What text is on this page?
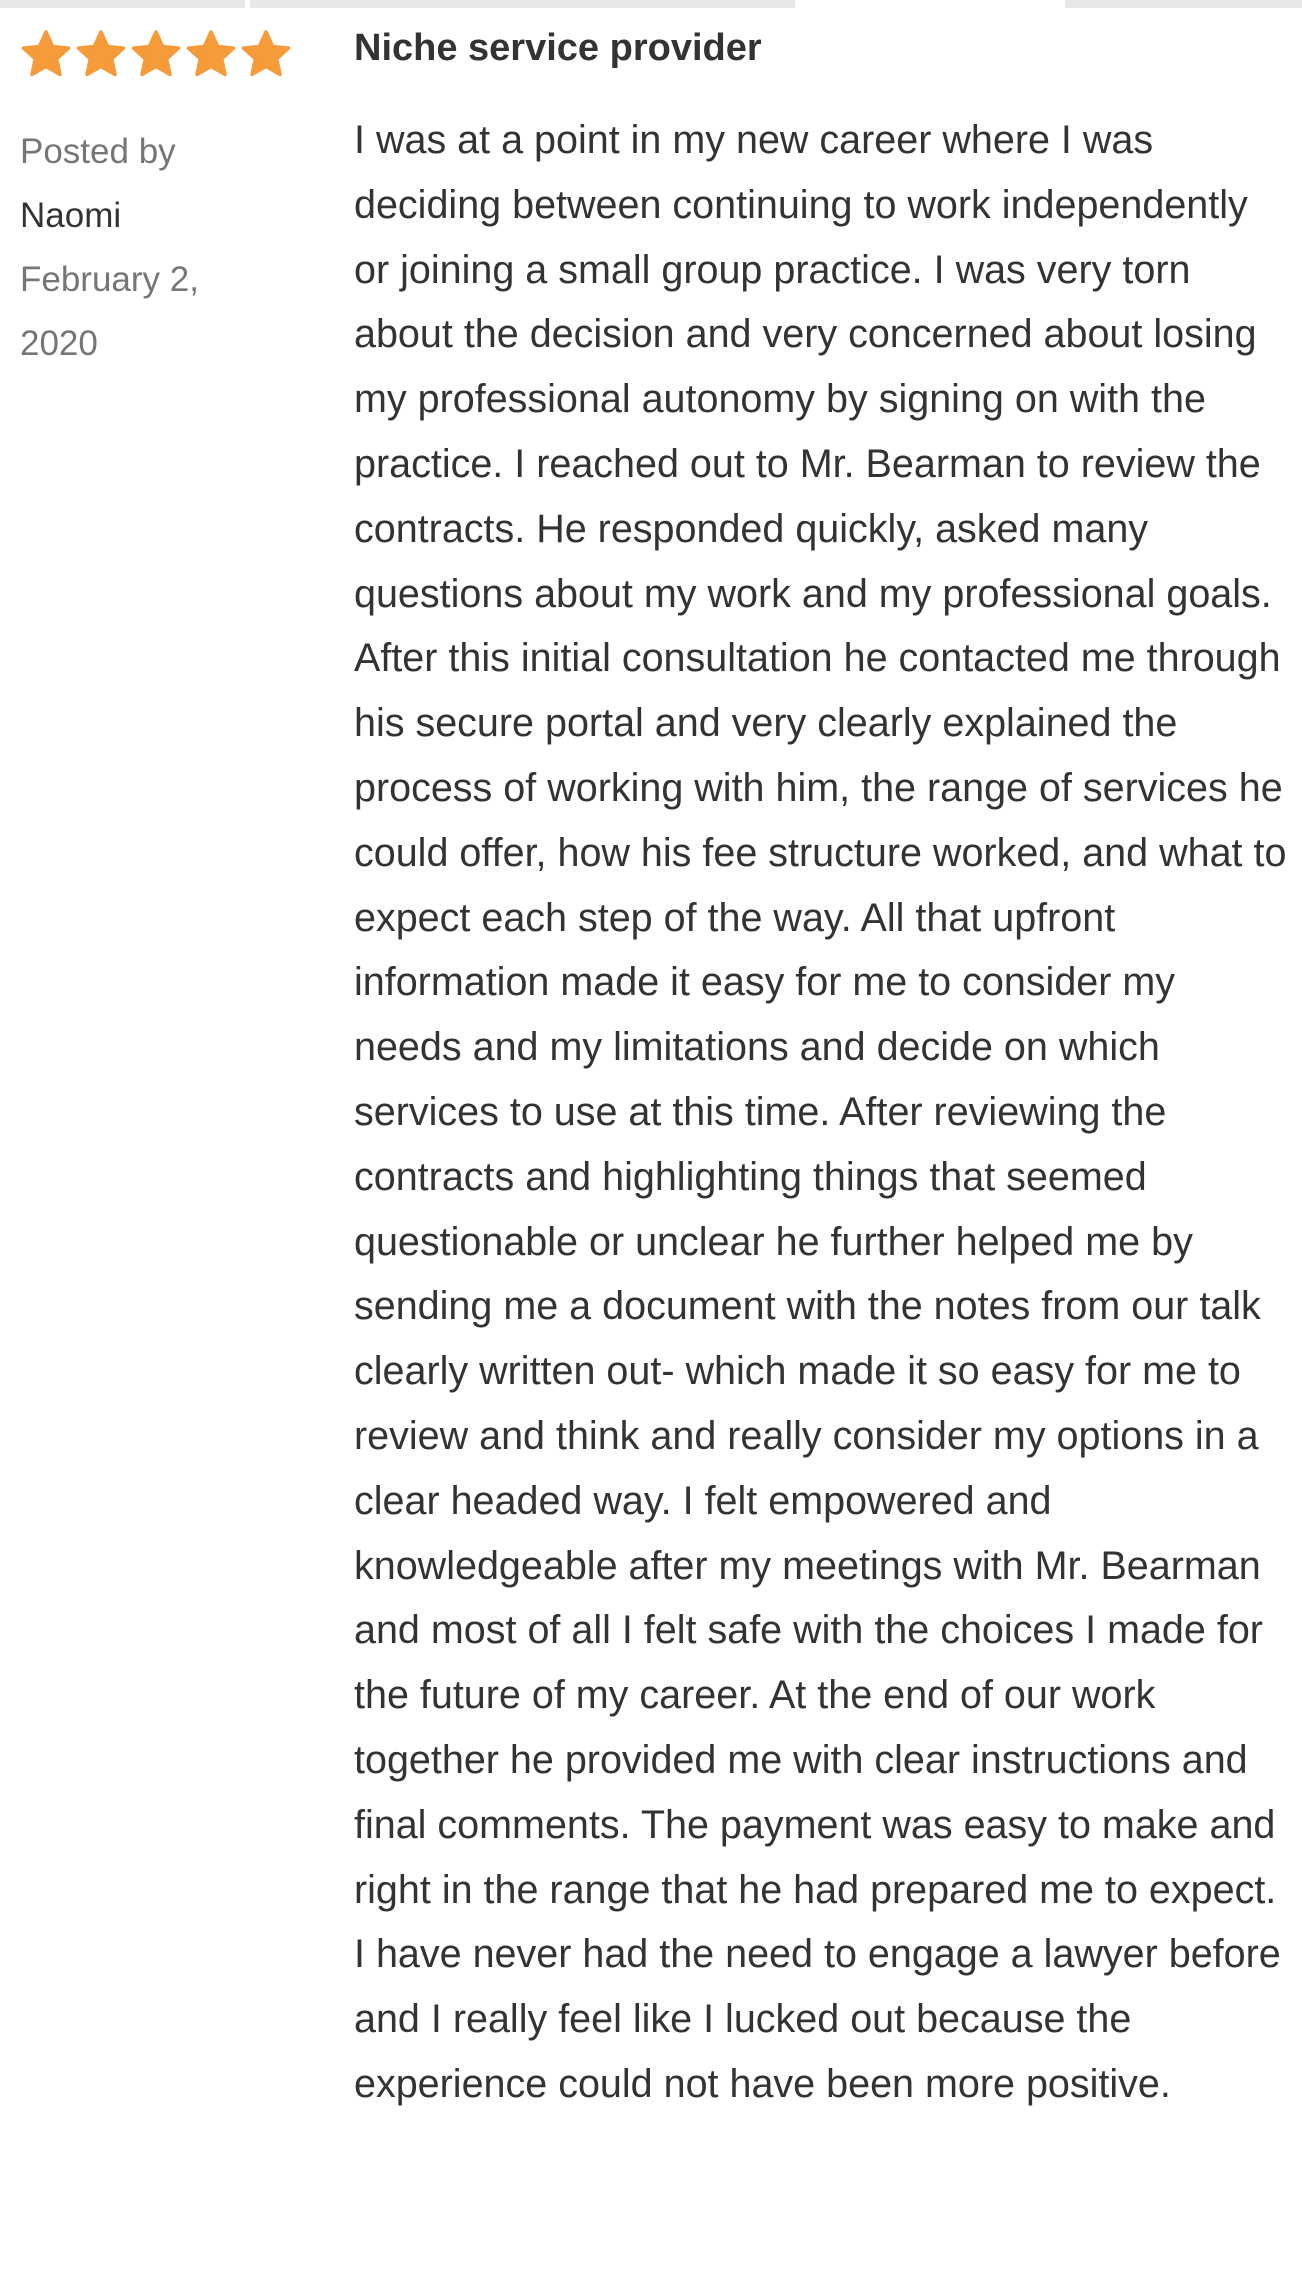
Posted by
Naomi
February 2, 2020
Niche service provider

I was at a point in my new career where I was deciding between continuing to work independently or joining a small group practice. I was very torn about the decision and very concerned about losing my professional autonomy by signing on with the practice. I reached out to Mr. Bearman to review the contracts. He responded quickly, asked many questions about my work and my professional goals. After this initial consultation he contacted me through his secure portal and very clearly explained the process of working with him, the range of services he could offer, how his fee structure worked, and what to expect each step of the way. All that upfront information made it easy for me to consider my needs and my limitations and decide on which services to use at this time. After reviewing the contracts and highlighting things that seemed questionable or unclear he further helped me by sending me a document with the notes from our talk clearly written out- which made it so easy for me to review and think and really consider my options in a clear headed way. I felt empowered and knowledgeable after my meetings with Mr. Bearman and most of all I felt safe with the choices I made for the future of my career. At the end of our work together he provided me with clear instructions and final comments. The payment was easy to make and right in the range that he had prepared me to expect. I have never had the need to engage a lawyer before and I really feel like I lucked out because the experience could not have been more positive.
